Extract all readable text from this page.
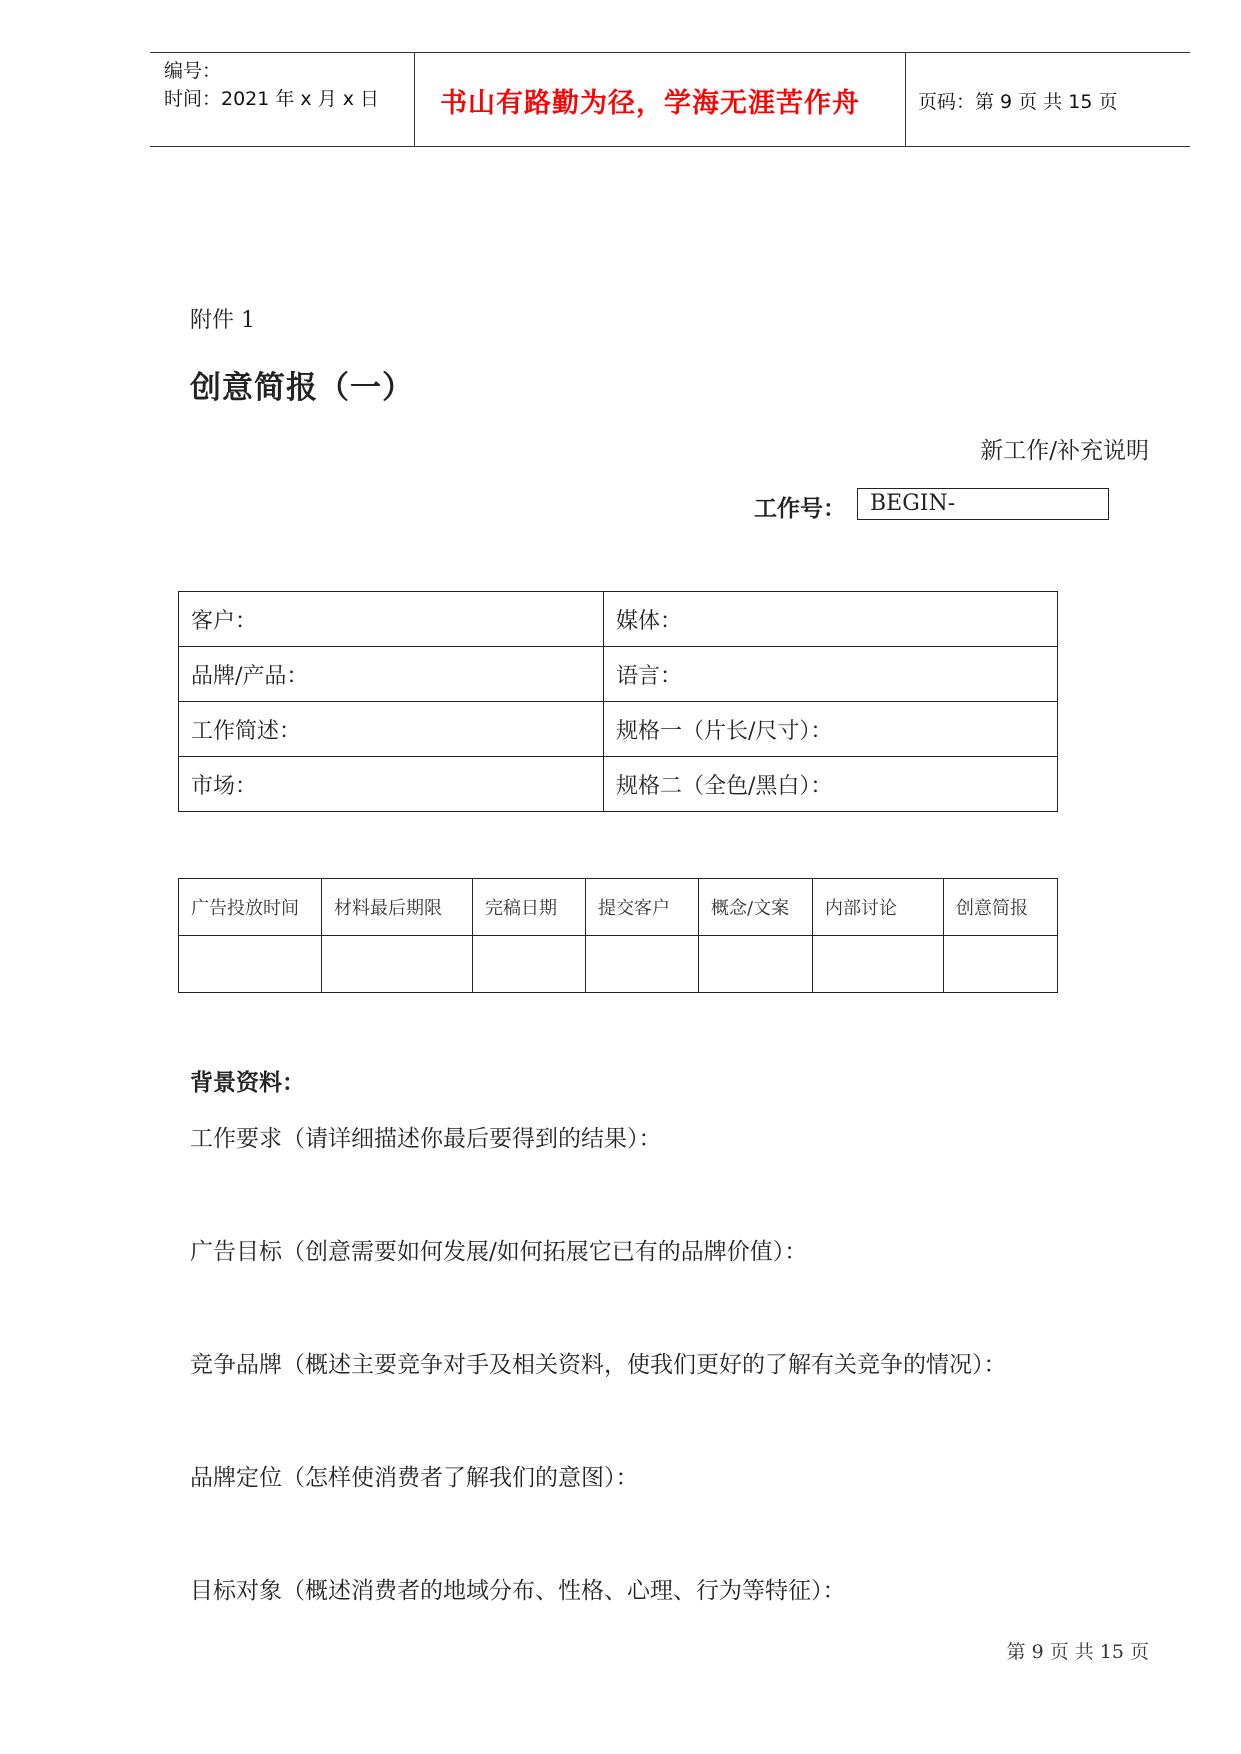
编号：
时间：2021 年 x 月 x 日 书山有路勤为径，学海无涯苦作舟	页码：第 9 页 共 15 页
附件 1
创意简报（一）
新工作/补充说明
工作号：	BEGIN-
客户：	媒体：
品牌/产品：	语言：
工作简述：	规格一（片长/尺寸）：
市场：	规格二（全色/黑白）：
广告投放时间	材料最后期限	完稿日期	提交客户	概念/文案	内部讨论	创意简报

背景资料：
工作要求（请详细描述你最后要得到的结果）：
广告目标（创意需要如何发展/如何拓展它已有的品牌价值）：
竞争品牌（概述主要竞争对手及相关资料，使我们更好的了解有关竞争的情况）：
品牌定位（怎样使消费者了解我们的意图）：
目标对象（概述消费者的地域分布、性格、心理、行为等特征）：
第 9 页 共 15 页
